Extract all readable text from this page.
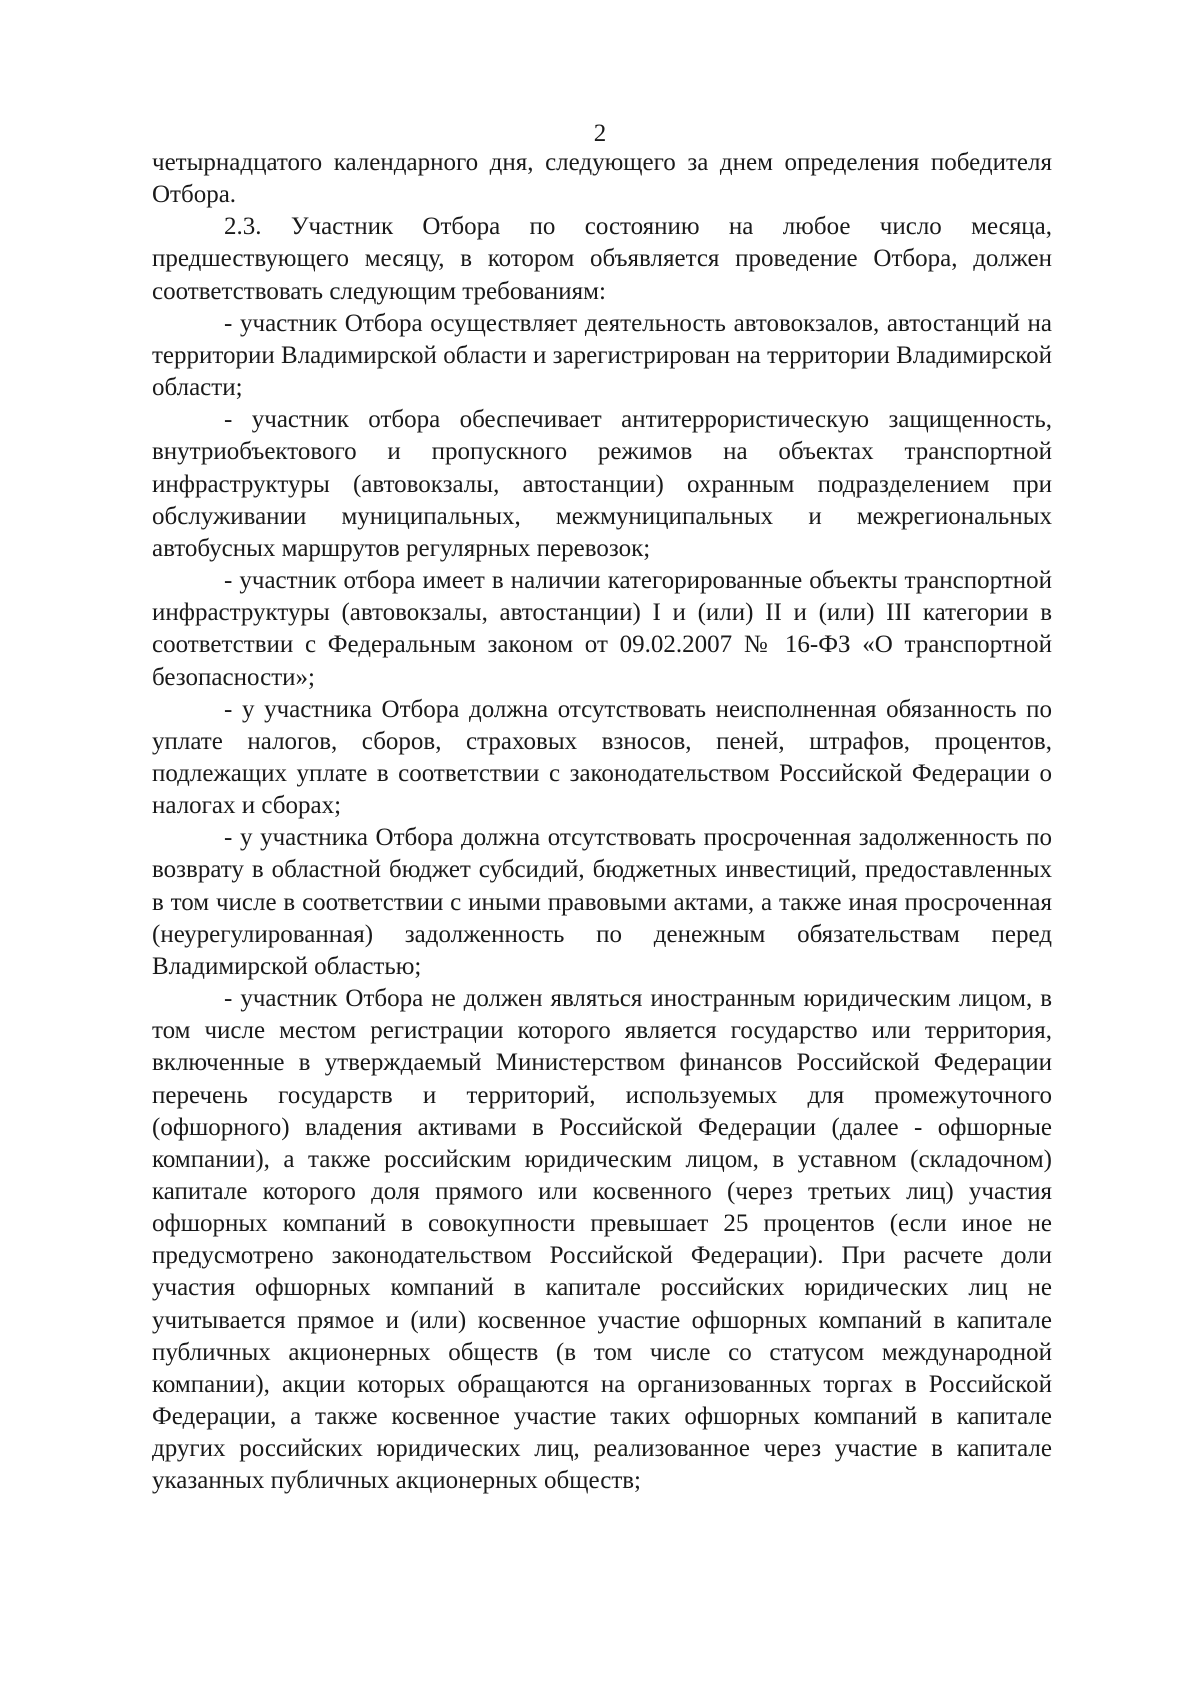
2

четырнадцатого календарного дня, следующего за днем определения победителя Отбора.

2.3. Участник Отбора по состоянию на любое число месяца, предшествующего месяцу, в котором объявляется проведение Отбора, должен соответствовать следующим требованиям:

- участник Отбора осуществляет деятельность автовокзалов, автостанций на территории Владимирской области и зарегистрирован на территории Владимирской области;

- участник отбора обеспечивает антитеррористическую защищенность, внутриобъектового и пропускного режимов на объектах транспортной инфраструктуры (автовокзалы, автостанции) охранным подразделением при обслуживании муниципальных, межмуниципальных и межрегиональных автобусных маршрутов регулярных перевозок;

- участник отбора имеет в наличии категорированные объекты транспортной инфраструктуры (автовокзалы, автостанции) I и (или) II и (или) III категории в соответствии с Федеральным законом от 09.02.2007 № 16-ФЗ «О транспортной безопасности»;

- у участника Отбора должна отсутствовать неисполненная обязанность по уплате налогов, сборов, страховых взносов, пеней, штрафов, процентов, подлежащих уплате в соответствии с законодательством Российской Федерации о налогах и сборах;

- у участника Отбора должна отсутствовать просроченная задолженность по возврату в областной бюджет субсидий, бюджетных инвестиций, предоставленных в том числе в соответствии с иными правовыми актами, а также иная просроченная (неурегулированная) задолженность по денежным обязательствам перед Владимирской областью;

- участник Отбора не должен являться иностранным юридическим лицом, в том числе местом регистрации которого является государство или территория, включенные в утверждаемый Министерством финансов Российской Федерации перечень государств и территорий, используемых для промежуточного (офшорного) владения активами в Российской Федерации (далее - офшорные компании), а также российским юридическим лицом, в уставном (складочном) капитале которого доля прямого или косвенного (через третьих лиц) участия офшорных компаний в совокупности превышает 25 процентов (если иное не предусмотрено законодательством Российской Федерации). При расчете доли участия офшорных компаний в капитале российских юридических лиц не учитывается прямое и (или) косвенное участие офшорных компаний в капитале публичных акционерных обществ (в том числе со статусом международной компании), акции которых обращаются на организованных торгах в Российской Федерации, а также косвенное участие таких офшорных компаний в капитале других российских юридических лиц, реализованное через участие в капитале указанных публичных акционерных обществ;
